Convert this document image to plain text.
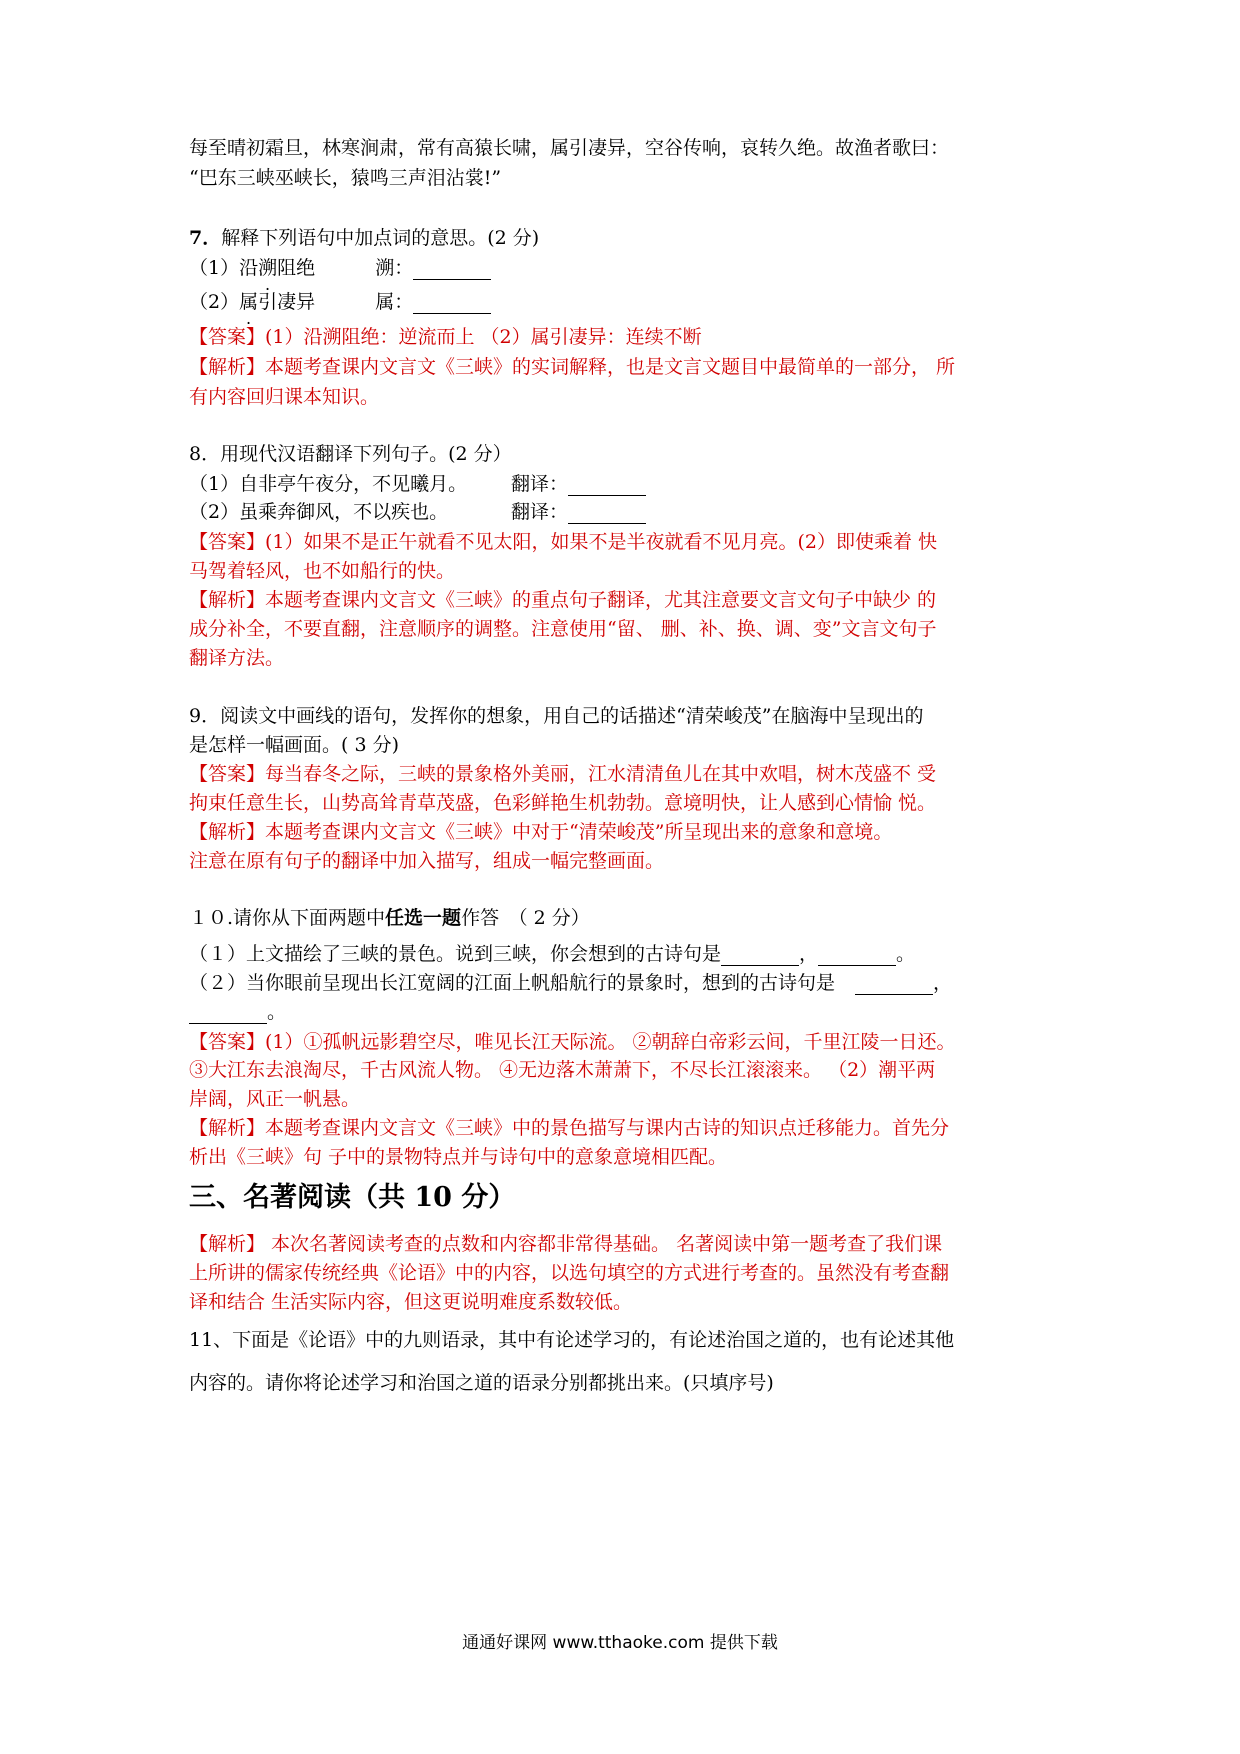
每至晴初霜旦，林寒涧肃，常有高猿长啸，属引凄异，空谷传响，哀转久绝。故渔者歌曰：
“巴东三峡巫峡长，猿鸣三声泪沾裳!”
7．解释下列语句中加点词的意思。(2 分)
（1）沿溯阻绝	溯：
（2）属引凄异	属：
【答案】(1）沿溯阻绝：逆流而上 （2）属引凄异：连续不断
【解析】本题考查课内文言文《三峡》的实词解释，也是文言文题目中最简单的一部分， 所
有内容回归课本知识。
8．用现代汉语翻译下列句子。(2 分）
（1）自非亭午夜分，不见曦月。 翻译：
（2）虽乘奔御风，不以疾也。	翻译：
【答案】(1）如果不是正午就看不见太阳，如果不是半夜就看不见月亮。(2）即使乘着 快
马驾着轻风，也不如船行的快。
【解析】本题考查课内文言文《三峡》的重点句子翻译，尤其注意要文言文句子中缺少 的
成分补全，不要直翻，注意顺序的调整。注意使用“留、 删、补、换、调、变”文言文句子
翻译方法。
9．阅读文中画线的语句，发挥你的想象，用自己的话描述“清荣峻茂”在脑海中呈现出的
是怎样一幅画面。( 3 分)
【答案】每当春冬之际，三峡的景象格外美丽，江水清清鱼儿在其中欢唱，树木茂盛不 受
拘束任意生长，山势高耸青草茂盛，色彩鲜艳生机勃勃。意境明快，让人感到心情愉 悦。
【解析】本题考查课内文言文《三峡》中对于“清荣峻茂”所呈现出来的意象和意境。
注意在原有句子的翻译中加入描写，组成一幅完整画面。
１０.请你从下面两题中任选一题作答　（ 2 分）
（１）上文描绘了三峡的景色。说到三峡，你会想到的古诗句是	，	。
（２）当你眼前呈现出长江宽阔的江面上帆船航行的景象时，想到的古诗句是	，
。
【答案】(1）①孤帆远影碧空尽，唯见长江天际流。 ②朝辞白帝彩云间，千里江陵一日还。
③大江东去浪淘尽，千古风流人物。 ④无边落木萧萧下，不尽长江滚滚来。 （2）潮平两
岸阔，风正一帆悬。
【解析】本题考查课内文言文《三峡》中的景色描写与课内古诗的知识点迁移能力。首先分
析出《三峡》句 子中的景物特点并与诗句中的意象意境相匹配。
三、名著阅读（共 10 分）
【解析】 本次名著阅读考查的点数和内容都非常得基础。 名著阅读中第一题考查了我们课
上所讲的儒家传统经典《论语》中的内容，以选句填空的方式进行考查的。虽然没有考查翻
译和结合 生活实际内容，但这更说明难度系数较低。
11、下面是《论语》中的九则语录，其中有论述学习的，有论述治国之道的，也有论述其他
内容的。请你将论述学习和治国之道的语录分别都挑出来。(只填序号)
通通好课网 www.tthaoke.com 提供下载
